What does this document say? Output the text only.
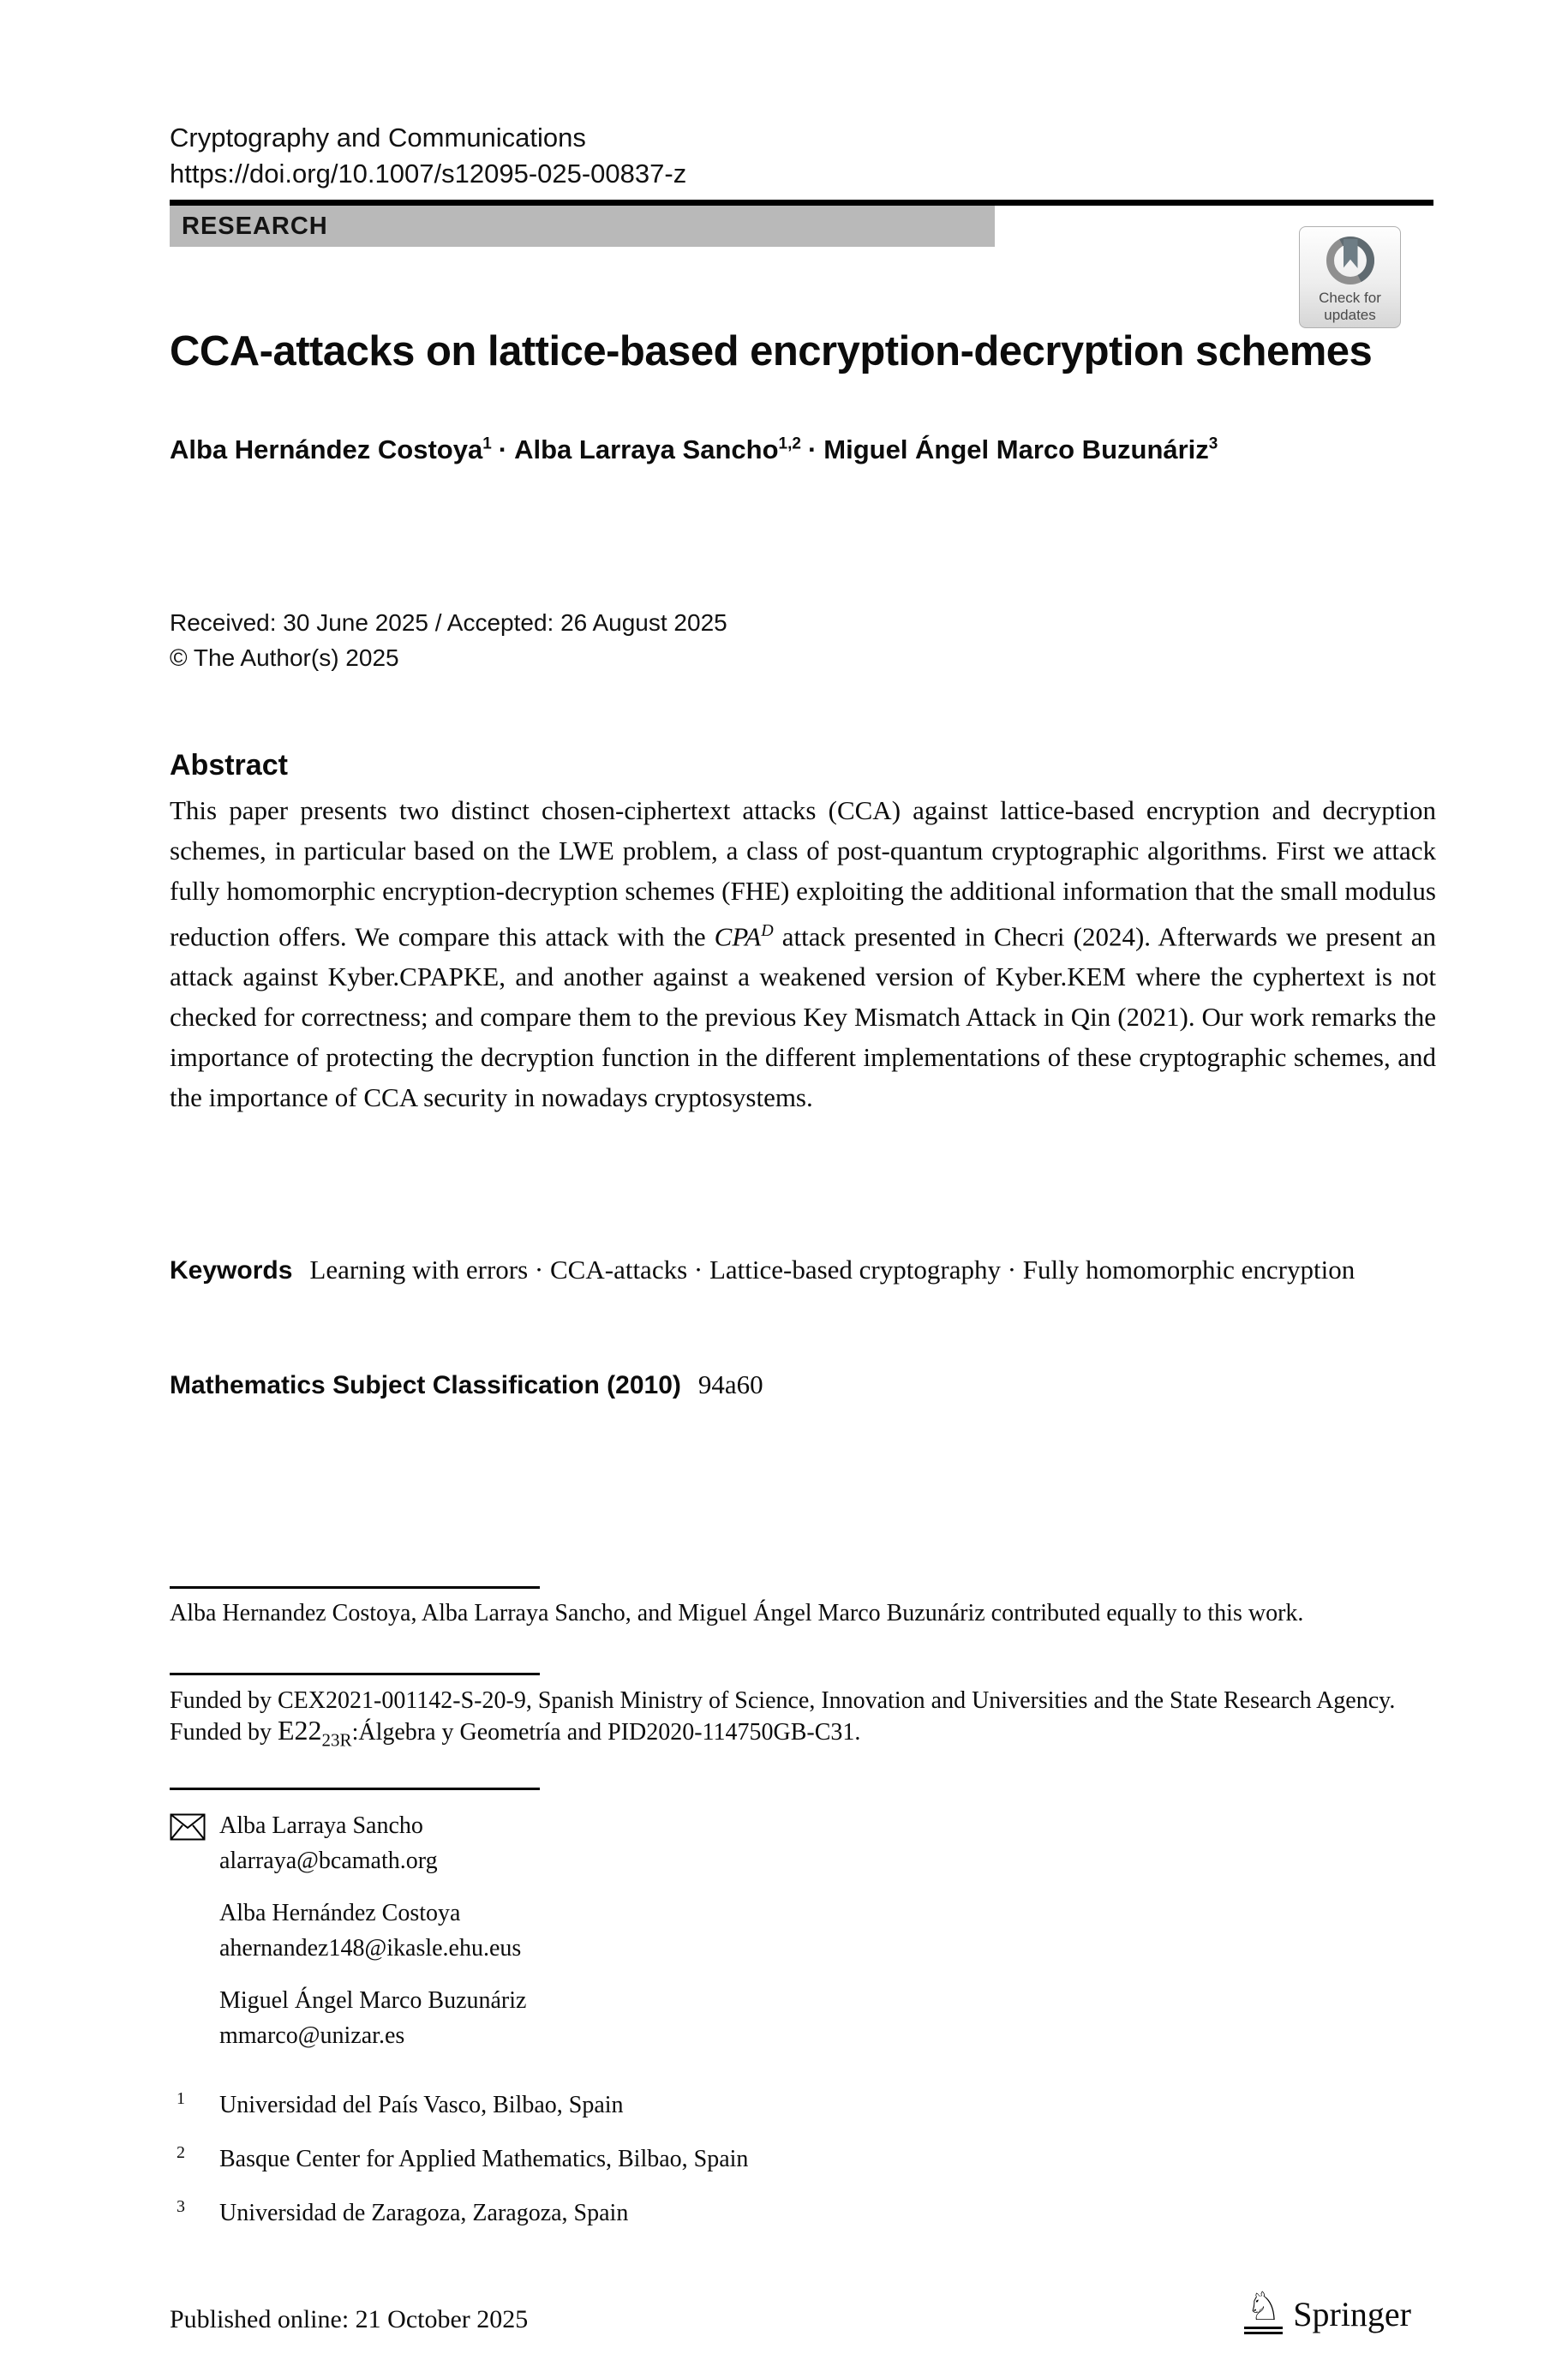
Cryptography and Communications
https://doi.org/10.1007/s12095-025-00837-z
RESEARCH
Check for
updates
CCA-attacks on lattice-based encryption-decryption schemes
Alba Hernández Costoya$^1$ · Alba Larraya Sancho$^{1,2}$ · Miguel Ángel Marco Buzunáriz$^3$
Received: 30 June 2025 / Accepted: 26 August 2025
© The Author(s) 2025
Abstract
This paper presents two distinct chosen-ciphertext attacks (CCA) against lattice-based encryption and decryption schemes, in particular based on the LWE problem, a class of post-quantum cryptographic algorithms. First we attack fully homomorphic encryption-decryption schemes (FHE) exploiting the additional information that the small modulus reduction offers. We compare this attack with the $CPA^D$ attack presented in Checri (2024). Afterwards we present an attack against Kyber.CPAPKE, and another against a weakened version of Kyber.KEM where the cyphertext is not checked for correctness; and compare them to the previous Key Mismatch Attack in Qin (2021). Our work remarks the importance of protecting the decryption function in the different implementations of these cryptographic schemes, and the importance of CCA security in nowadays cryptosystems.
Keywords Learning with errors · CCA-attacks · Lattice-based cryptography · Fully homomorphic encryption
Mathematics Subject Classification (2010) 94a60
Alba Hernandez Costoya, Alba Larraya Sancho, and Miguel Ángel Marco Buzunáriz contributed equally to this work.
Funded by CEX2021-001142-S-20-9, Spanish Ministry of Science, Innovation and Universities and the State Research Agency. Funded by $E22_{23R}:Álgebra$ y Geometría and PID2020-114750GB-C31.
Alba Larraya Sancho
alarraya@bcamath.org
Alba Hernández Costoya
ahernandez148@ikasle.ehu.eus
Miguel Ángel Marco Buzunáriz
mmarco@unizar.es
1 Universidad del País Vasco, Bilbao, Spain
2 Basque Center for Applied Mathematics, Bilbao, Spain
3 Universidad de Zaragoza, Zaragoza, Spain
Published online: 21 October 2025	♘ Springer
